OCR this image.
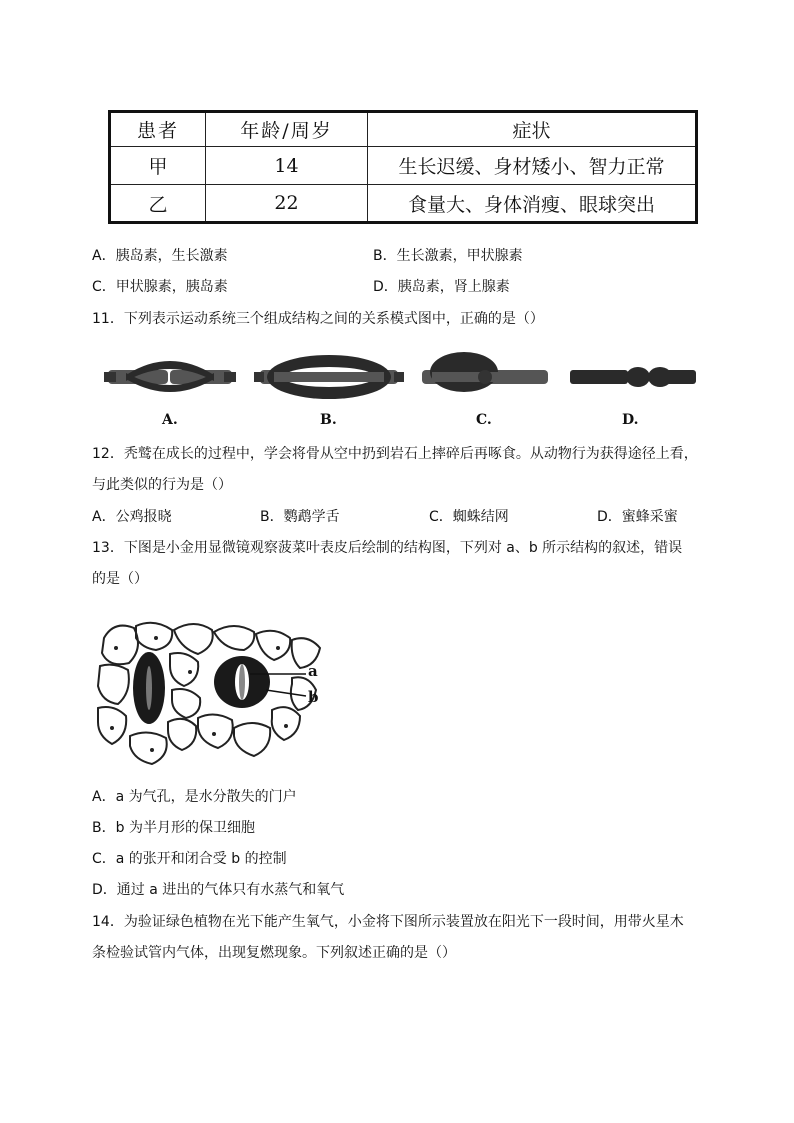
患者	年龄/周岁	症状
甲	14	生长迟缓、身材矮小、智力正常
乙	22	食量大、身体消瘦、眼球突出
A．胰岛素，生长激素	B．生长激素，甲状腺素
C．甲状腺素，胰岛素	D．胰岛素，肾上腺素
11．下列表示运动系统三个组成结构之间的关系模式图中，正确的是（）
A.	B.	C.	D.
12．秃鹫在成长的过程中，学会将骨从空中扔到岩石上摔碎后再啄食。从动物行为获得途径上看，
与此类似的行为是（）
A．公鸡报晓	B．鹦鹉学舌	C．蜘蛛结网	D．蜜蜂采蜜
13．下图是小金用显微镜观察菠菜叶表皮后绘制的结构图，下列对 a、b 所示结构的叙述，错误
的是（）
a
b
A．a 为气孔，是水分散失的门户
B．b 为半月形的保卫细胞
C．a 的张开和闭合受 b 的控制
D．通过 a 进出的气体只有水蒸气和氧气
14．为验证绿色植物在光下能产生氧气，小金将下图所示装置放在阳光下一段时间，用带火星木
条检验试管内气体，出现复燃现象。下列叙述正确的是（）
